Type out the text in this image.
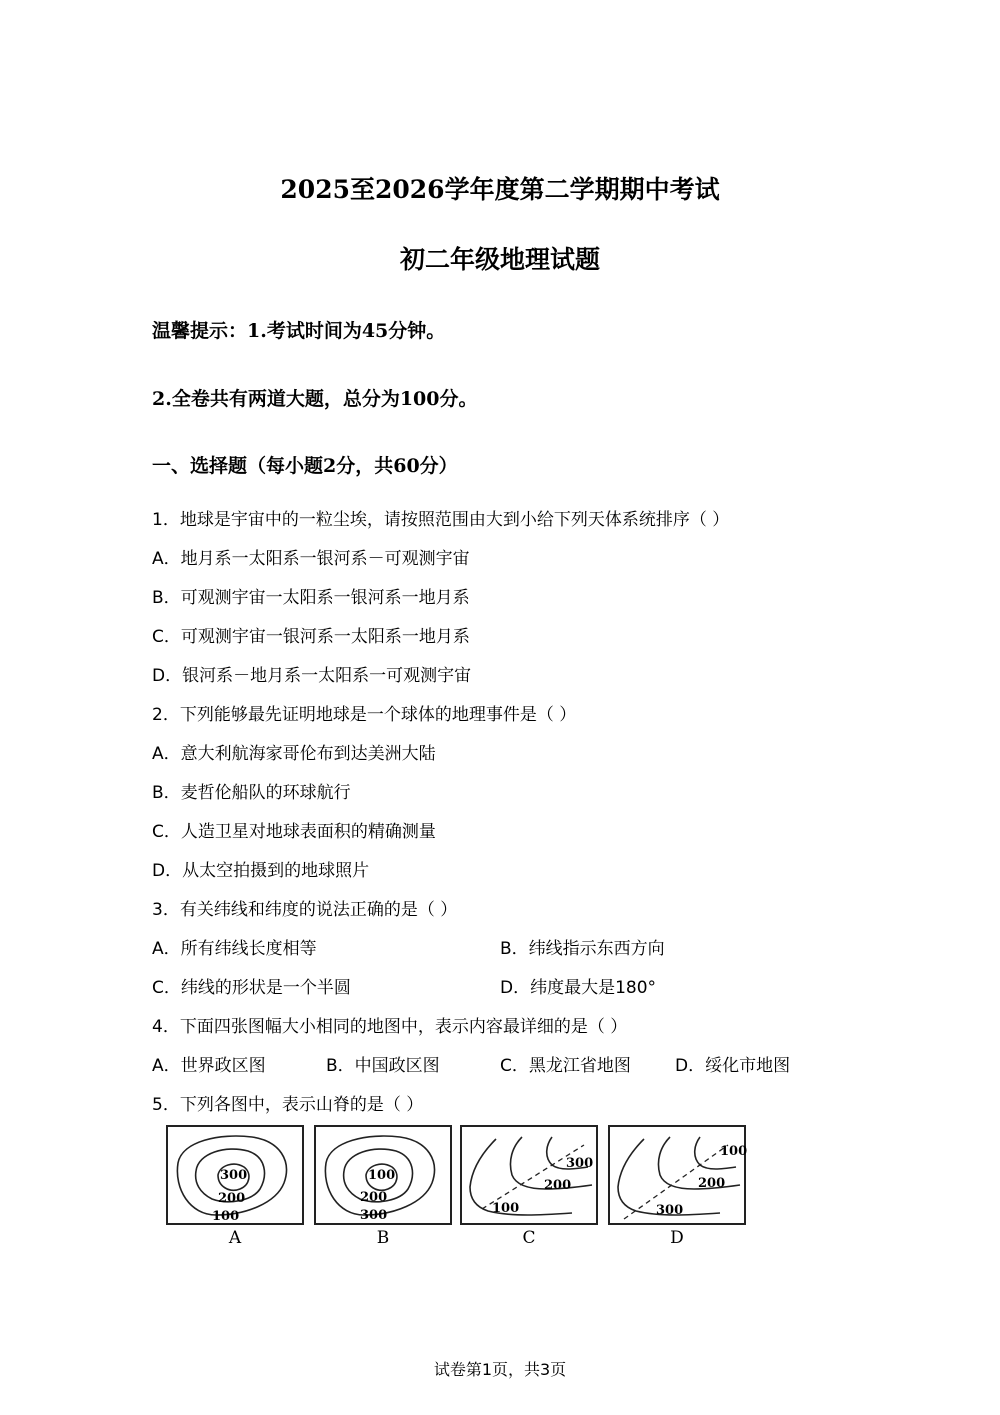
2025至2026学年度第二学期期中考试
初二年级地理试题
温馨提示：1.考试时间为45分钟。
2.全卷共有两道大题，总分为100分。
一、选择题（每小题2分，共60分）
1．地球是宇宙中的一粒尘埃，请按照范围由大到小给下列天体系统排序（ ）
A．地月系一太阳系一银河系－可观测宇宙
B．可观测宇宙一太阳系一银河系一地月系
C．可观测宇宙一银河系一太阳系一地月系
D．银河系－地月系一太阳系一可观测宇宙
2．下列能够最先证明地球是一个球体的地理事件是（ ）
A．意大利航海家哥伦布到达美洲大陆
B．麦哲伦船队的环球航行
C．人造卫星对地球表面积的精确测量
D．从太空拍摄到的地球照片
3．有关纬线和纬度的说法正确的是（ ）
A．所有纬线长度相等	B．纬线指示东西方向
C．纬线的形状是一个半圆	D．纬度最大是180°
4．下面四张图幅大小相同的地图中，表示内容最详细的是（ ）
A．世界政区图	B．中国政区图	C．黑龙江省地图	D．绥化市地图
5．下列各图中，表示山脊的是（ ）
300
200
100
A
100
200
300
B
300
200
100
C
100
200
300
D
试卷第1页，共3页
